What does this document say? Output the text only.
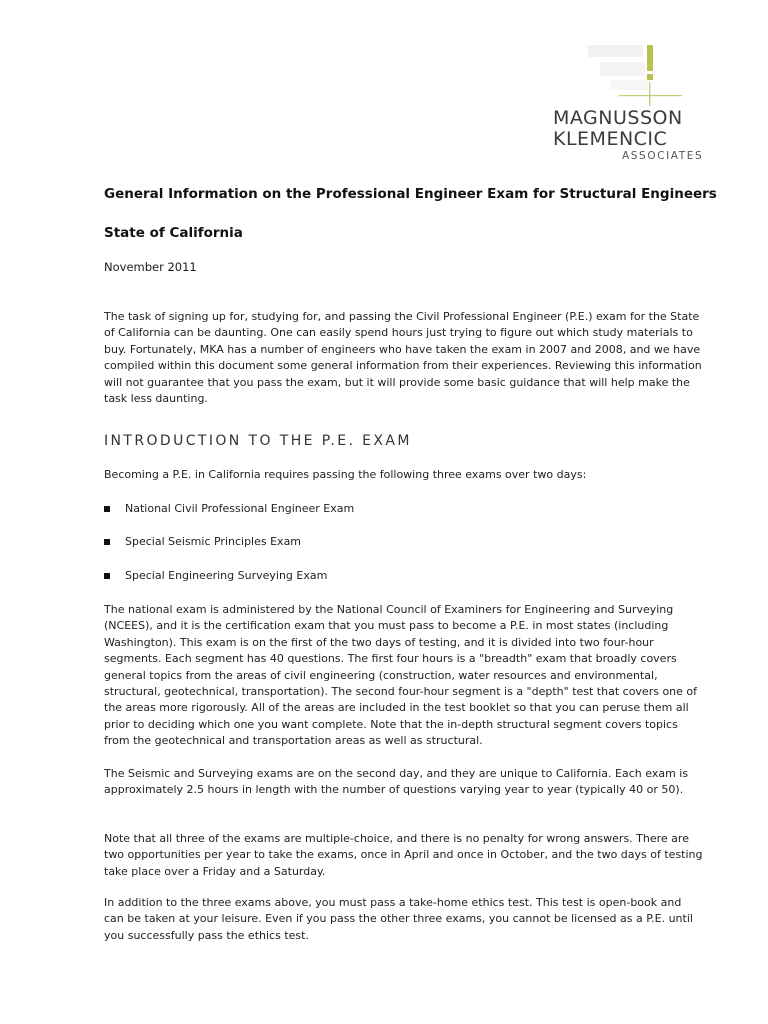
MAGNUSSON
KLEMENCIC
ASSOCIATES
General Information on the Professional Engineer Exam for Structural Engineers
State of California
November 2011

The task of signing up for, studying for, and passing the Civil Professional Engineer (P.E.) exam for the State of California can be daunting. One can easily spend hours just trying to figure out which study materials to buy. Fortunately, MKA has a number of engineers who have taken the exam in 2007 and 2008, and we have compiled within this document some general information from their experiences. Reviewing this information will not guarantee that you pass the exam, but it will provide some basic guidance that will help make the task less daunting.

INTRODUCTION TO THE P.E. EXAM

Becoming a P.E. in California requires passing the following three exams over two days:

National Civil Professional Engineer Exam
Special Seismic Principles Exam
Special Engineering Surveying Exam

The national exam is administered by the National Council of Examiners for Engineering and Surveying (NCEES), and it is the certification exam that you must pass to become a P.E. in most states (including Washington). This exam is on the first of the two days of testing, and it is divided into two four-hour segments. Each segment has 40 questions. The first four hours is a "breadth" exam that broadly covers general topics from the areas of civil engineering (construction, water resources and environmental, structural, geotechnical, transportation). The second four-hour segment is a "depth" test that covers one of the areas more rigorously. All of the areas are included in the test booklet so that you can peruse them all prior to deciding which one you want complete. Note that the in-depth structural segment covers topics from the geotechnical and transportation areas as well as structural.

The Seismic and Surveying exams are on the second day, and they are unique to California. Each exam is approximately 2.5 hours in length with the number of questions varying year to year (typically 40 or 50).

Note that all three of the exams are multiple-choice, and there is no penalty for wrong answers. There are two opportunities per year to take the exams, once in April and once in October, and the two days of testing take place over a Friday and a Saturday.

In addition to the three exams above, you must pass a take-home ethics test. This test is open-book and can be taken at your leisure. Even if you pass the other three exams, you cannot be licensed as a P.E. until you successfully pass the ethics test.
